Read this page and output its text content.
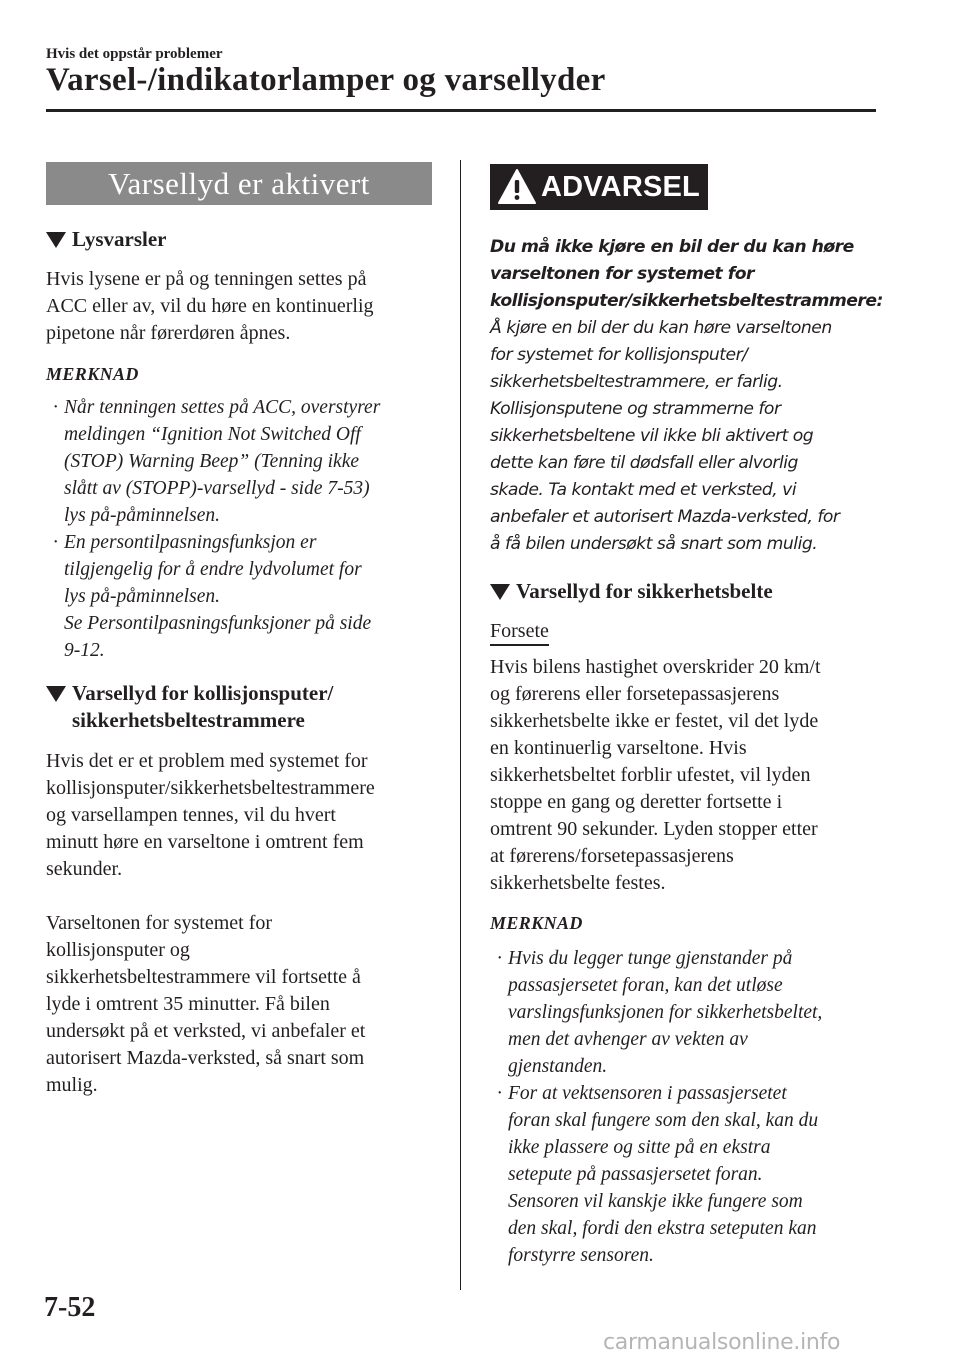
Hvis det oppstår problemer
Varsel-/indikatorlamper og varsellyder
Varsellyd er aktivert
Lysvarsler
Hvis lysene er på og tenningen settes på
ACC eller av, vil du høre en kontinuerlig
pipetone når førerdøren åpnes.
MERKNAD
· Når tenningen settes på ACC, overstyrer
meldingen “Ignition Not Switched Off
(STOP) Warning Beep” (Tenning ikke
slått av (STOPP)-varsellyd - side 7-53)
lys på-påminnelsen.
· En persontilpasningsfunksjon er
tilgjengelig for å endre lydvolumet for
lys på-påminnelsen.
Se Persontilpasningsfunksjoner på side
9-12.
Varsellyd for kollisjonsputer/
sikkerhetsbeltestrammere
Hvis det er et problem med systemet for
kollisjonsputer/sikkerhetsbeltestrammere
og varsellampen tennes, vil du hvert
minutt høre en varseltone i omtrent fem
sekunder.
Varseltonen for systemet for
kollisjonsputer og
sikkerhetsbeltestrammere vil fortsette å
lyde i omtrent 35 minutter. Få bilen
undersøkt på et verksted, vi anbefaler et
autorisert Mazda-verksted, så snart som
mulig.
ADVARSEL
Du må ikke kjøre en bil der du kan høre
varseltonen for systemet for
kollisjonsputer/sikkerhetsbeltestrammere:
Å kjøre en bil der du kan høre varseltonen
for systemet for kollisjonsputer/
sikkerhetsbeltestrammere, er farlig.
Kollisjonsputene og strammerne for
sikkerhetsbeltene vil ikke bli aktivert og
dette kan føre til dødsfall eller alvorlig
skade. Ta kontakt med et verksted, vi
anbefaler et autorisert Mazda-verksted, for
å få bilen undersøkt så snart som mulig.
Varsellyd for sikkerhetsbelte
Forsete
Hvis bilens hastighet overskrider 20 km/t
og førerens eller forsetepassasjerens
sikkerhetsbelte ikke er festet, vil det lyde
en kontinuerlig varseltone. Hvis
sikkerhetsbeltet forblir ufestet, vil lyden
stoppe en gang og deretter fortsette i
omtrent 90 sekunder. Lyden stopper etter
at førerens/forsetepassasjerens
sikkerhetsbelte festes.
MERKNAD
· Hvis du legger tunge gjenstander på
passasjersetet foran, kan det utløse
varslingsfunksjonen for sikkerhetsbeltet,
men det avhenger av vekten av
gjenstanden.
· For at vektsensoren i passasjersetet
foran skal fungere som den skal, kan du
ikke plassere og sitte på en ekstra
setepute på passasjersetet foran.
Sensoren vil kanskje ikke fungere som
den skal, fordi den ekstra seteputen kan
forstyrre sensoren.
7-52
carmanualsonline.info
